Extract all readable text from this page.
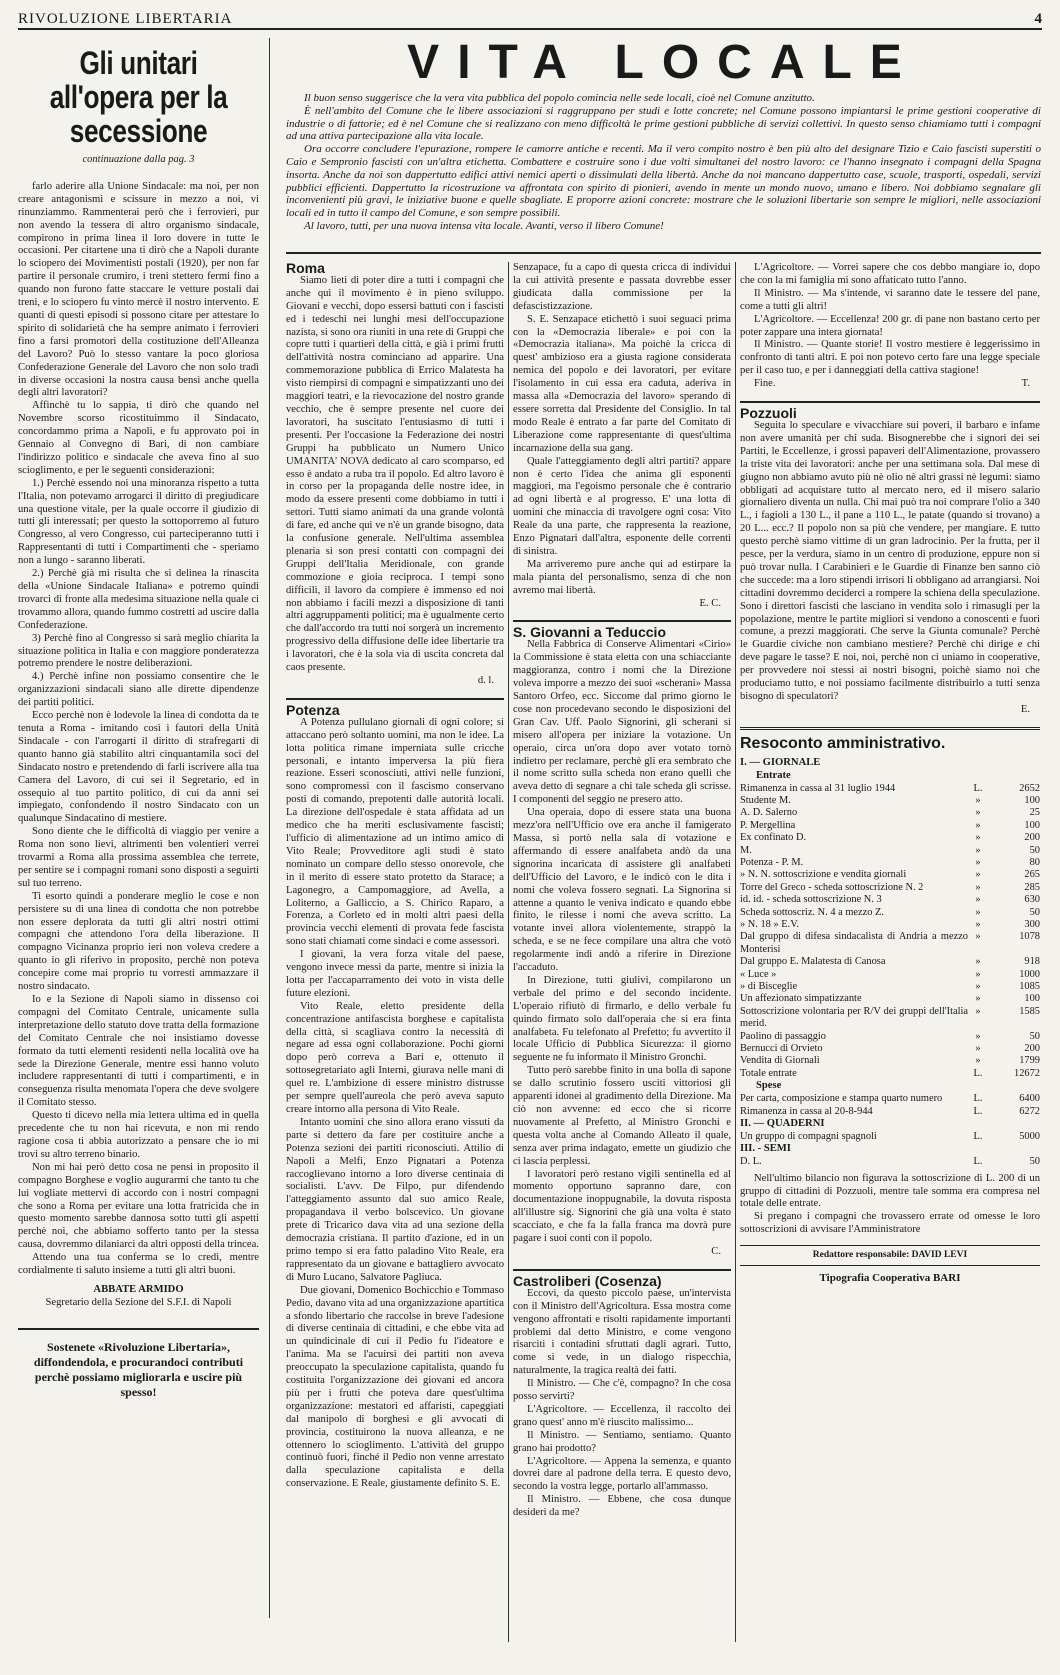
RIVOLUZIONE LIBERTARIA	4
Gli unitari all'opera per la secessione
continuazione dalla pag. 3

farlo aderire alla Unione Sindacale: ma noi, per non creare antagonismi e scissure in mezzo a noi, vi rinunziammo. Rammenterai però che i ferrovieri, pur non avendo la tessera di altro organismo sindacale, compirono in prima linea il loro dovere in tutte le occasioni. Per citartene una ti dirò che a Napoli durante lo sciopero dei Movimentisti postali (1920), per non far partire il personale crumiro, i treni stettero fermi fino a quando non furono fatte staccare le vetture postali dai treni, e lo sciopero fu vinto mercè il nostro intervento. E quanti di questi episodi si possono citare per attestare lo spirito di solidarietà che ha sempre animato i ferrovieri fino a farsi promotori della costituzione dell'Alleanza del Lavoro? Può lo stesso vantare la poco gloriosa Confederazione Generale del Lavoro che non solo tradì in diverse occasioni la nostra causa bensì anche quella degli altri lavoratori?

Affinchè tu lo sappia, ti dirò che quando nel Novembre scorso ricostituimmo il Sindacato, concordammo prima a Napoli, e fu approvato poi in Gennaio al Convegno di Bari, di non cambiare l'indirizzo politico e sindacale che aveva fino al suo scioglimento, e per le seguenti considerazioni:

1.) Perchè essendo noi una minoranza rispetto a tutta l'Italia, non potevamo arrogarci il diritto di pregiudicare una questione vitale, per la quale occorre il giudizio di tutti gli interessati; per questo la sottoporremo al futuro Congresso, al vero Congresso, cui parteciperanno tutti i Rappresentanti di tutti i Compartimenti che - speriamo non a lungo - saranno liberati.

2.) Perchè già mi risulta che si delinea la rinascita della «Unione Sindacale Italiana» e potremo quindi trovarci di fronte alla medesima situazione nella quale ci trovammo allora, quando fummo costretti ad uscire dalla Confederazione.

3) Perchè fino al Congresso si sarà meglio chiarita la situazione politica in Italia e con maggiore ponderatezza potremo prendere le nostre deliberazioni.

4.) Perchè infine non possiamo consentire che le organizzazioni sindacali siano alle dirette dipendenze dei partiti politici.

Ecco perchè non è lodevole la linea di condotta da te tenuta a Roma - imitando così i fautori della Unità Sindacale - con l'arrogarti il diritto di strafregarti di quanto hanno già stabilito altri cinquantamila soci del Sindacato nostro e pretendendo di farli iscrivere alla tua Camera del Lavoro, di cui sei il Segretario, ed in ossequio al tuo partito politico, di cui da anni sei impiegato, confondendo il nostro Sindacato con un qualunque Sindacatino di mestiere.

Sono diente che le difficoltà di viaggio per venire a Roma non sono lievi, altrimenti ben volentieri verrei trovarmi a Roma alla prossima assemblea che terrete, per sentire se i compagni romani sono disposti a seguirti sul tuo terreno.

Ti esorto quindi a ponderare meglio le cose e non persistere su di una linea di condotta che non potrebbe non essere deplorata da tutti gli altri nostri ottimi compagni che attendono l'ora della liberazione. Il compagno Vicinanza proprio ieri non voleva credere a quanto io gli riferivo in proposito, perchè non poteva concepire come mai proprio tu vorresti ammazzare il nostro sindacato.

Io e la Sezione di Napoli siamo in dissenso coi compagni del Comitato Centrale, unicamente sulla interpretazione dello statuto dove tratta della formazione del Comitato Centrale che noi insistiamo dovesse formato da tutti elementi residenti nella località ove ha sede la Direzione Generale, mentre essi hanno voluto includere rappresentanti di tutti i compartimenti, e in conseguenza risulta menomata l'opera che deve svolgere il Comitato stesso.

Questo ti dicevo nella mia lettera ultima ed in quella precedente che tu non hai ricevuta, e non mi rendo ragione cosa ti abbia autorizzato a pensare che io mi trovi su altro terreno binario.

Non mi hai però detto cosa ne pensi in proposito il compagno Borghese e voglio augurarmi che tanto tu che lui vogliate mettervi di accordo con i nostri compagni che sono a Roma per evitare una lotta fratricida che in questo momento sarebbe dannosa sotto tutti gli aspetti perchè noi, che abbiamo sofferto tanto per la stessa causa, dovremmo dilaniarci da altri opposti della trincea.

Attendo una tua conferma se lo credi, mentre cordialmente ti saluto insieme a tutti gli altri buoni.

ABBATE ARMIDO

Segretario della Sezione del S.F.I. di Napoli

Sostenete «Rivoluzione Libertaria», diffondendola, e procurandoci contributi perchè possiamo migliorarla e uscire più spesso!
VITA LOCALE

Il buon senso suggerisce che la vera vita pubblica del popolo comincia nelle sede locali, cioè nel Comune anzitutto.

È nell'ambito del Comune che le libere associazioni si raggruppano per studi e lotte concrete; nel Comune possono impiantarsi le prime gestioni cooperative di industrie o di fattorie; ed è nel Comune che si realizzano con meno difficoltà le prime gestioni pubbliche di servizi collettivi. In questo senso chiamiamo tutti i compagni ad una attiva partecipazione alla vita locale.

Ora occorre concludere l'epurazione, rompere le camorre antiche e recenti. Ma il vero compito nostro è ben più alto del designare Tizio e Caio fascisti superstiti o Caio e Sempronio fascisti con un'altra etichetta. Combattere e costruire sono i due volti simultanei del nostro lavoro: ce l'hanno insegnato i compagni della Spagna insorta. Anche da noi son dappertutto edifici attivi nemici aperti o dissimulati della libertà. Anche da noi mancano dappertutto case, scuole, trasporti, ospedali, servizi pubblici efficienti. Dappertutto la ricostruzione va affrontata con spirito di pionieri, avendo in mente un mondo nuovo, umano e libero. Noi dobbiamo segnalare gli inconvenienti più gravi, le iniziative buone e quelle sbagliate. E proporre azioni concrete: mostrare che le soluzioni libertarie son sempre le migliori, nelle associazioni locali ed in tutto il campo del Comune, e son sempre possibili.

Al lavoro, tutti, per una nuova intensa vita locale. Avanti, verso il libero Comune!

Roma

Siamo lieti di poter dire a tutti i compagni che anche qui il movimento è in pieno sviluppo. Giovani e vecchi, dopo essersi battuti con i fascisti ed i tedeschi nei lunghi mesi dell'occupazione nazista, si sono ora riuniti in una rete di Gruppi che copre tutti i quartieri della città, e già i primi frutti dell'attività nostra cominciano ad apparire. Una commemorazione pubblica di Errico Malatesta ha visto riempirsi di compagni e simpatizzanti uno dei maggiori teatri, e la rievocazione del nostro grande vecchio, che è sempre presente nel cuore dei lavoratori, ha suscitato l'entusiasmo di tutti i presenti. Per l'occasione la Federazione dei nostri Gruppi ha pubblicato un Numero Unico UMANITA' NOVA dedicato al caro scomparso, ed esso è andato a ruba tra il popolo. Ed altro lavoro è in corso per la propaganda delle nostre idee, in modo da essere presenti come dobbiamo in tutti i settori. Tutti siamo animati da una grande volontà di fare, ed anche qui ve n'è un grande bisogno, data la confusione generale. Nell'ultima assemblea plenaria si son presi contatti con compagni dei Gruppi dell'Italia Meridionale, con grande commozione e gioia reciproca. I tempi sono difficili, il lavoro da compiere è immenso ed noi non abbiamo i facili mezzi a disposizione di tanti altri aggruppamenti politici; ma è ugualmente certo che dall'accordo tra tutti noi sorgerà un incremento progressivo della diffusione delle idee libertarie tra i lavoratori, che è la sola via di uscita concreta dal caos presente.

d. l.

Potenza

A Potenza pullulano giornali di ogni colore; si attaccano però soltanto uomini, ma non le idee. La lotta politica rimane imperniata sulle cricche personali, e intanto imperversa la più fiera reazione. Esseri sconosciuti, attivi nelle funzioni, sono compromessi con il fascismo conservano posti di comando, prepotenti dalle autorità locali. La direzione dell'ospedale è stata affidata ad un medico che ha meriti esclusivamente fascisti; l'ufficio di alimentazione ad un intimo amico di Vito Reale; Provveditore agli studi è stato nominato un compare dello stesso onorevole, che in il merito di essere stato protetto da Starace; a Lagonegro, a Campomaggiore, ad Avella, a Loliterno, a Galliccio, a S. Chirico Raparo, a Forenza, a Corleto ed in molti altri paesi della provincia vecchi elementi di provata fede fascista sono stati chiamati come sindaci e come assessori.

I giovani, la vera forza vitale del paese, vengono invece messi da parte, mentre si inizia la lotta per l'accaparramento dei voto in vista delle future elezioni.

Vito Reale, eletto presidente della concentrazione antifascista borghese e capitalista della città, si scagliava contro la necessità di negare ad essa ogni collaborazione. Pochi giorni dopo però correva a Bari e, ottenuto il sottosegretariato agli Interni, giurava nelle mani di quel re. L'ambizione di essere ministro distrusse per sempre quell'aureola che però aveva saputo creare intorno alla persona di Vito Reale.

Intanto uomini che sino allora erano vissuti da parte si dettero da fare per costituire anche a Potenza sezioni dei partiti riconosciuti. Attilio di Napoli a Melfi, Enzo Pignatari a Potenza raccoglievano intorno a loro diverse centinaia di socialisti. L'avv. De Filpo, pur difendendo l'atteggiamento assunto dal suo amico Reale, propagandava il verbo bolscevico. Un giovane prete di Tricarico dava vita ad una sezione della democrazia cristiana. Il partito d'azione, ed in un primo tempo si era fatto paladino Vito Reale, era rappresentato da un giovane e battagliero avvocato di Muro Lucano, Salvatore Pagliuca.

Due giovani, Domenico Bochicchio e Tommaso Pedio, davano vita ad una organizzazione apartitica a sfondo libertario che raccolse in breve l'adesione di diverse centinaia di cittadini, e che ebbe vita ad un quindicinale di cui il Pedio fu l'ideatore e l'anima. Ma se l'acuirsi dei partiti non aveva preoccupato la speculazione capitalista, quando fu costituita l'organizzazione dei giovani ed ancora più per i frutti che poteva dare quest'ultima organizzazione: mestatori ed affaristi, capeggiati dal manipolo di borghesi e gli avvocati di provincia, costituirono la nuova alleanza, e ne ottennero lo scioglimento. L'attività del gruppo continuò fuori, finché il Pedio non venne arrestato dalla speculazione capitalista e della conservazione. E Reale, giustamente definito S. E.

Senzapace, fu a capo di questa cricca di individui la cui attività presente e passata dovrebbe esser giudicata dalla commissione per la defascistizzazione.

S. E. Senzapace etichettò i suoi seguaci prima con la «Democrazia liberale» e poi con la «Democrazia italiana». Ma poichè la cricca di quest' ambizioso era a giusta ragione considerata nemica del popolo e dei lavoratori, per evitare l'isolamento in cui essa era caduta, aderiva in massa alla «Democrazia del lavoro» sperando di essere sorretta dal Presidente del Consiglio. In tal modo Reale è entrato a far parte del Comitato di Liberazione come rappresentante di quest'ultima incarnazione della sua gang.

Quale l'atteggiamento degli altri partiti? appare non è certo l'idea che anima gli esponenti maggiori, ma l'egoismo personale che è contrario ad ogni libertà e al progresso. E' una lotta di uomini che minaccia di travolgere ogni cosa: Vito Reale da una parte, che rappresenta la reazione, Enzo Pignatari dall'altra, esponente delle correnti di sinistra.

Ma arriveremo pure anche qui ad estirpare la mala pianta del personalismo, senza di che non avremo mai libertà.

E. C.

S. Giovanni a Teduccio

Nella Fabbrica di Conserve Alimentari «Cirio» la Commissione è stata eletta con una schiacciante maggioranza, contro i nomi che la Direzione voleva imporre a mezzo dei suoi «scherani» Massa Santoro Orfeo, ecc. Siccome dal primo giorno le cose non procedevano secondo le disposizioni del Gran Cav. Uff. Paolo Signorini, gli scherani si misero all'opera per iniziare la votazione. Un operaio, circa un'ora dopo aver votato tornò indietro per reclamare, perchè gli era sembrato che il nome scritto sulla scheda non erano quelli che aveva detto di segnare a chi tale scheda gli scrisse. I componenti del seggio ne presero atto.

Una operaia, dopo di essere stata una buona mezz'ora nell'Ufficio ove era anche il famigerato Massa, si portò nella sala di votazione e affermando di essere analfabeta andò da una signorina incaricata di assistere gli analfabeti dell'Ufficio del Lavoro, e le indicò con le dita i nomi che voleva fossero segnati. La Signorina si attenne a quanto le veniva indicato e quando ebbe finito, le rilesse i nomi che aveva scritto. La votante invei allora violentemente, strappò la scheda, e se ne fece compilare una altra che votò regolarmente indi andò a riferire in Direzione l'accaduto.

In Direzione, tutti giulivi, compilarono un verbale del primo e del secondo incidente. L'operaio rifiutò di firmarlo, e dello verbale fu quindo firmato solo dall'operaia che si era finta analfabeta. Fu telefonato al Prefetto; fu avvertito il locale Ufficio di Pubblica Sicurezza: il giorno seguente ne fu informato il Ministro Gronchi.

Tutto però sarebbe finito in una bolla di sapone se dallo scrutinio fossero usciti vittoriosi gli apparenti idonei al gradimento della Direzione. Ma ciò non avvenne: ed ecco che si ricorre nuovamente al Prefetto, al Ministro Gronchi e questa volta anche al Comando Alleato il quale, senza aver prima indagato, emette un giudizio che ci lascia perplessi.

I lavoratori però restano vigili sentinella ed al momento opportuno sapranno dare, con documentazione inoppugnabile, la dovuta risposta all'illustre sig. Signorini che già una volta è stato scacciato, e che fa la falla franca ma dovrà pure pagare i suoi conti con il popolo.

C.

Castroliberi (Cosenza)

Eccovi, da questo piccolo paese, un'intervista con il Ministro dell'Agricoltura. Essa mostra come vengono affrontati e risolti rapidamente importanti problemi dal detto Ministro, e come vengono risarciti i contadini sfruttati dagli agrari. Tutto, come si vede, in un dialogo rispecchia, naturalmente, la tragica realtà dei fatti.

Il Ministro. — Che c'è, compagno? In che cosa posso servirti?

L'Agricoltore. — Eccellenza, il raccolto dei grano quest' anno m'è riuscito malissimo...

Il Ministro. — Sentiamo, sentiamo. Quanto grano hai prodotto?

L'Agricoltore. — Appena la semenza, e quanto dovrei dare al padrone della terra. E questo devo, secondo la vostra legge, portarlo all'ammasso.

Il Ministro. — Ebbene, che cosa dunque desideri da me?

L'Agricoltore. — Vorrei sapere che cos debbo mangiare io, dopo che con la mi famiglia mi sono affaticato tutto l'anno.

Il Ministro. — Ma s'intende, vi saranno date le tessere del pane, come a tutti gli altri!

L'Agricoltore. — Eccellenza! 200 gr. di pane non bastano certo per poter zappare una intera giornata!

Il Ministro. — Quante storie! Il vostro mestiere è leggerissimo in confronto di tanti altri. E poi non potevo certo fare una legge speciale per il caso tuo, e per i danneggiati della cattiva stagione!

Fine.	T.

Pozzuoli

Seguita lo speculare e vivacchiare sui poveri, il barbaro e infame non avere umanità per chi suda. Bisognerebbe che i signori dei sei Partiti, le Eccellenze, i grossi papaveri dell'Alimentazione, provassero la triste vita dei lavoratori: anche per una settimana sola. Dal mese di giugno non abbiamo avuto più nè olio nè altri grassi nè legumi: siamo obbligati ad acquistare tutto al mercato nero, ed il misero salario giornaliero diventa un nulla. Chi mai può tra noi comprare l'olio a 340 L., i fagioli a 130 L., il pane a 110 L., le patate (quando si trovano) a 20 L... ecc.? Il popolo non sa più che vendere, per mangiare. E tutto questo perchè siamo vittime di un gran ladrocinio. Per la frutta, per il pesce, per la verdura, siamo in un centro di produzione, eppure non si può trovar nulla. I Carabinieri e le Guardie di Finanze ben sanno ciò che succede: ma a loro stipendi irrisori li obbligano ad arrangiarsi. Noi cittadini dovremmo deciderci a rompere la schiena della speculazione. Sono i direttori fascisti che lasciano in vendita solo i rimasugli per la popolazione, mentre le partite migliori si vendono a conoscenti e fuori comune, a prezzi maggiorati. Che serve la Giunta comunale? Perchè le Guardie civiche non cambiano mestiere? Perchè chi dirige e chi deve pagare le tasse? E noi, noi, perchè non ci uniamo in cooperative, per provvedere noi stessi ai nostri bisogni, poichè siamo noi che produciamo tutto, e noi possiamo facilmente distribuirlo a tutti senza bisogno di speculatori?

E.

Resoconto amministrativo.

I. — GIORNALE

Entrate

Rimanenza in cassa al 31 luglio 1944	L.	2652
Studente M.	»	100
A. D. Salerno	»	25
P. Mergellina	»	100
Ex confinato D.	»	200
M.	»	50
Potenza - P. M.	»	80
» N. N. sottoscrizione e vendita giornali	»	265
Torre del Greco - scheda sottoscrizione N. 2	»	285
id. id. - scheda sottoscrizione N. 3	»	630
Scheda sottoscriz. N. 4 a mezzo Z.	»	50
» N. 18 » E.V.	»	300
Dal gruppo di difesa sindacalista di Andria a mezzo Monterisi	»	1078
Dal gruppo E. Malatesta di Canosa	»	918
« Luce »	»	1000
» di Bisceglie	»	1085
Un affezionato simpatizzante	»	100
Sottoscrizione volontaria per R/V dei gruppi dell'Italia merid.	»	1585
Paolino di passaggio	»	50
Bernucci di Orvieto	»	200
Vendita di Giornali	»	1799
Totale entrate	L.	12672

Spese

Per carta, composizione e stampa quarto numero	L.	6400
Rimanenza in cassa al 20-8-944	L.	6272

II. — QUADERNI

Un gruppo di compagni spagnoli	L.	5000

III. - SEMI

D. L.	L.	50

Nell'ultimo bilancio non figurava la sottoscrizione di L. 200 di un gruppo di cittadini di Pozzuoli, mentre tale somma era compresa nel totale delle entrate.

Si pregano i compagni che trovassero errate od omesse le loro sottoscrizioni di avvisare l'Amministratore

Redattore responsabile: DAVID LEVI
Tipografia Cooperativa BARI
